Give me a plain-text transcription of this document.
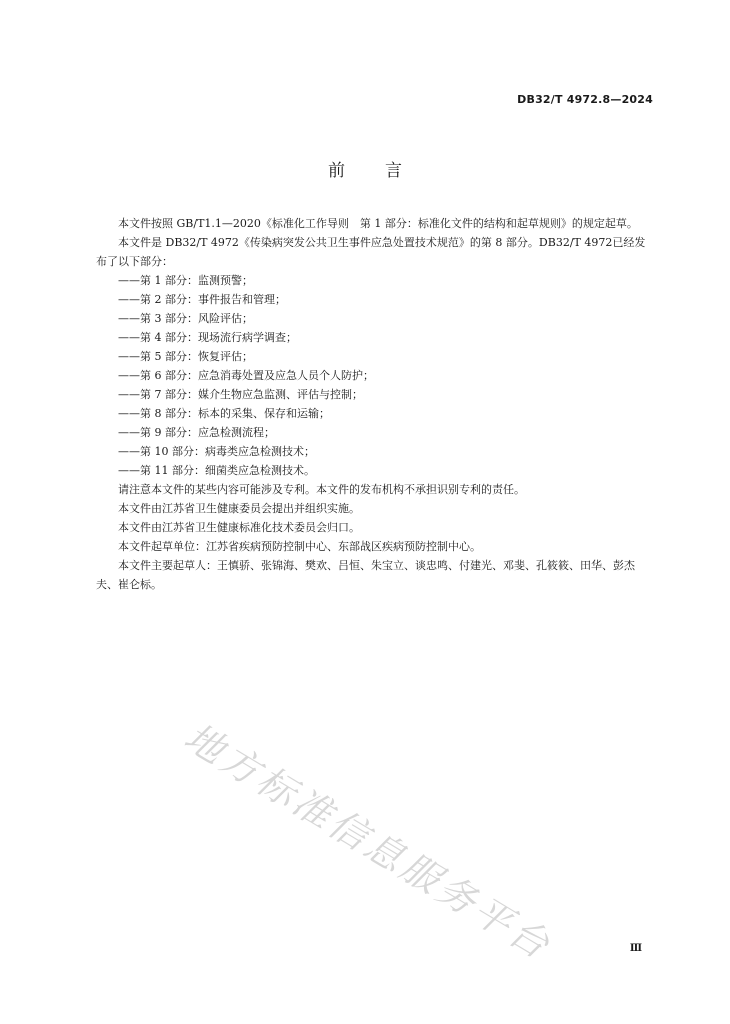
DB32/T 4972.8—2024
前言

本文件按照 GB/T1.1—2020《标准化工作导则　第 1 部分：标准化文件的结构和起草规则》的规定起草。

本文件是 DB32/T 4972《传染病突发公共卫生事件应急处置技术规范》的第 8 部分。DB32/T 4972已经发布了以下部分：

——第 1 部分：监测预警；

——第 2 部分：事件报告和管理；

——第 3 部分：风险评估；

——第 4 部分：现场流行病学调查；

——第 5 部分：恢复评估；

——第 6 部分：应急消毒处置及应急人员个人防护；

——第 7 部分：媒介生物应急监测、评估与控制；

——第 8 部分：标本的采集、保存和运输；

——第 9 部分：应急检测流程；

——第 10 部分：病毒类应急检测技术；

——第 11 部分：细菌类应急检测技术。

请注意本文件的某些内容可能涉及专利。本文件的发布机构不承担识别专利的责任。

本文件由江苏省卫生健康委员会提出并组织实施。

本文件由江苏省卫生健康标准化技术委员会归口。

本文件起草单位：江苏省疾病预防控制中心、东部战区疾病预防控制中心。

本文件主要起草人：王慎骄、张锦海、樊欢、吕恒、朱宝立、谈忠鸣、付建光、邓斐、孔筱筱、田华、彭杰夫、崔仑标。

地方标准信息服务平台	Ⅲ
